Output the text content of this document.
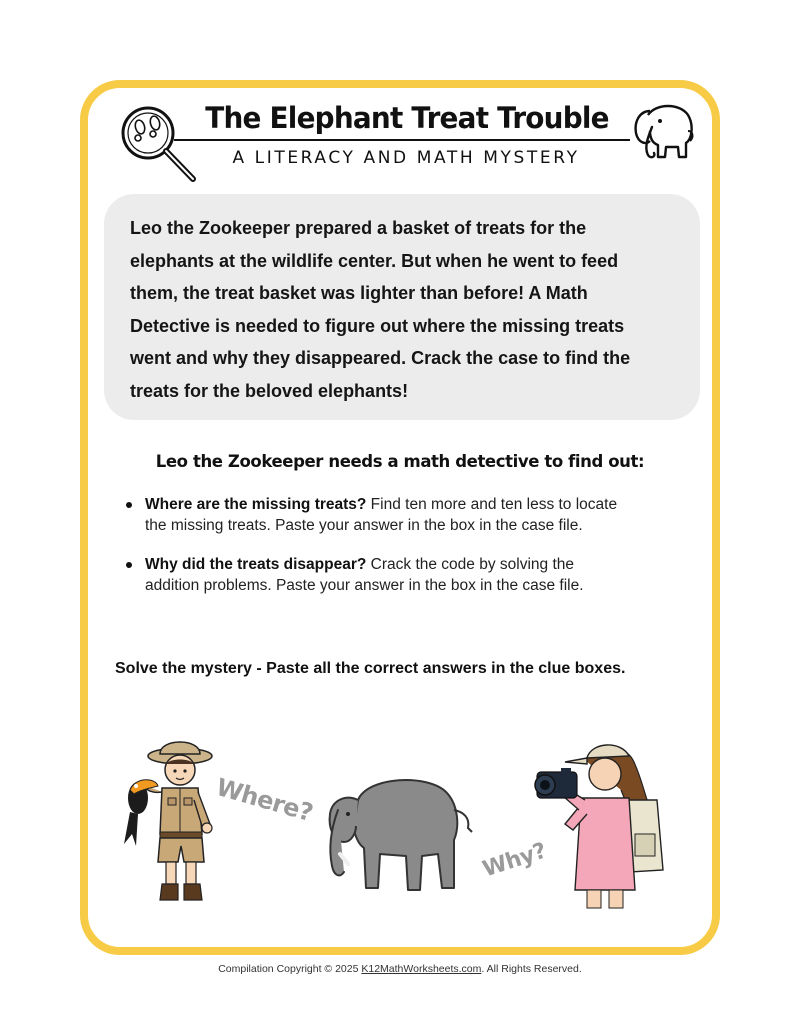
The Elephant Treat Trouble
A LITERACY AND MATH MYSTERY
Leo the Zookeeper prepared a basket of treats for the
elephants at the wildlife center. But when he went to feed
them, the treat basket was lighter than before! A Math
Detective is needed to figure out where the missing treats
went and why they disappeared. Crack the case to find the
treats for the beloved elephants!
Leo the Zookeeper needs a math detective to find out:
Where are the missing treats? Find ten more and ten less to locate
the missing treats. Paste your answer in the box in the case file.
Why did the treats disappear? Crack the code by solving the
addition problems. Paste your answer in the box in the case file.
Solve the mystery - Paste all the correct answers in the clue boxes.
Where?
Why?
Compilation Copyright © 2025 K12MathWorksheets.com. All Rights Reserved.
